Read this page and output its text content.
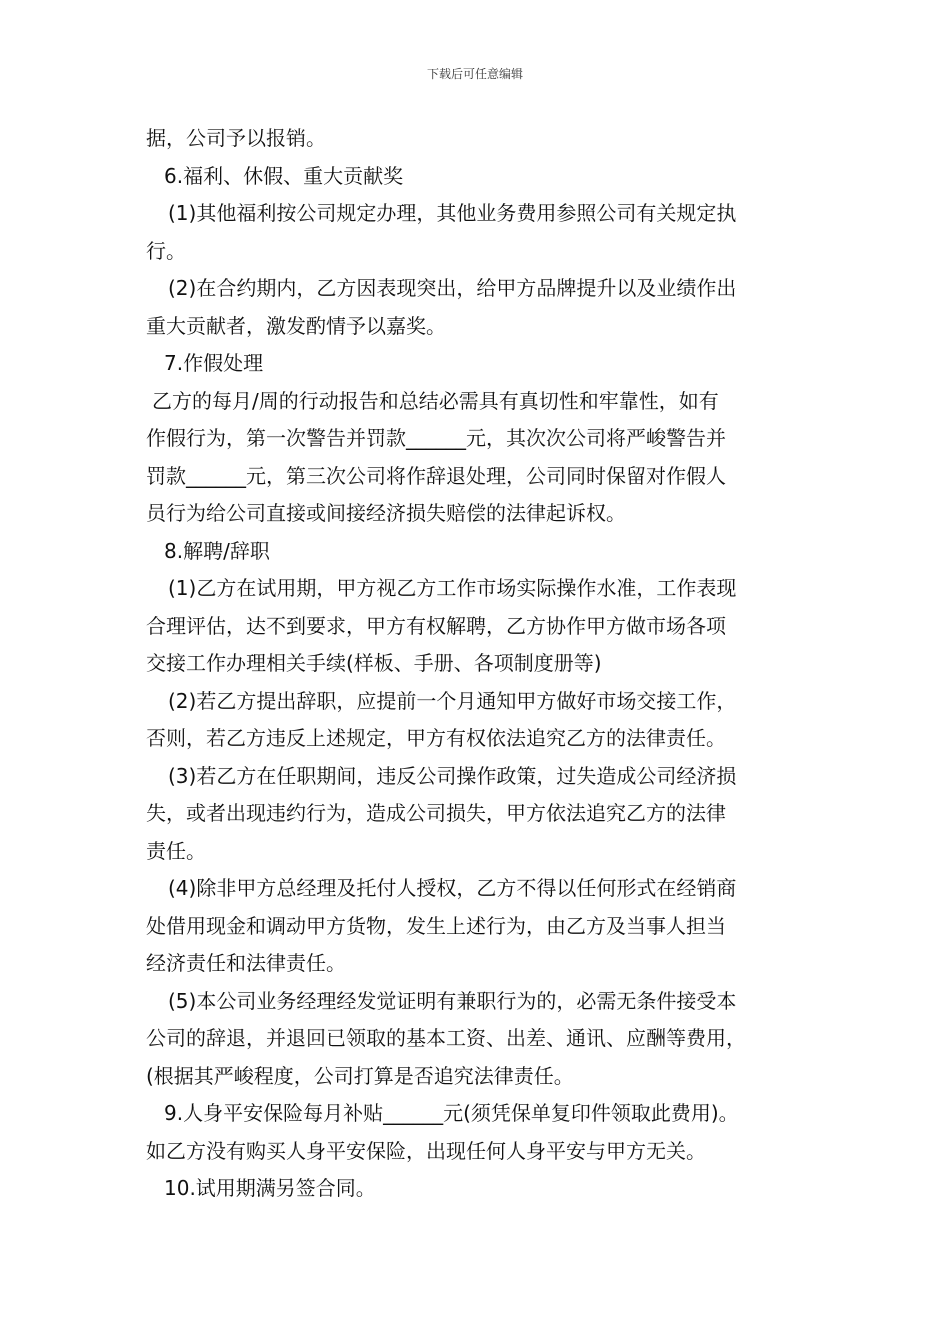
下载后可任意编辑

据，公司予以报销。

6.福利、休假、重大贡献奖

(1)其他福利按公司规定办理，其他业务费用参照公司有关规定执

行。

(2)在合约期内，乙方因表现突出，给甲方品牌提升以及业绩作出

重大贡献者，激发酌情予以嘉奖。

7.作假处理

乙方的每月/周的行动报告和总结必需具有真切性和牢靠性，如有

作假行为，第一次警告并罚款______元，其次次公司将严峻警告并

罚款______元，第三次公司将作辞退处理，公司同时保留对作假人

员行为给公司直接或间接经济损失赔偿的法律起诉权。

8.解聘/辞职

(1)乙方在试用期，甲方视乙方工作市场实际操作水准，工作表现

合理评估，达不到要求，甲方有权解聘，乙方协作甲方做市场各项

交接工作办理相关手续(样板、手册、各项制度册等)

(2)若乙方提出辞职，应提前一个月通知甲方做好市场交接工作，

否则，若乙方违反上述规定，甲方有权依法追究乙方的法律责任。

(3)若乙方在任职期间，违反公司操作政策，过失造成公司经济损

失，或者出现违约行为，造成公司损失，甲方依法追究乙方的法律

责任。

(4)除非甲方总经理及托付人授权，乙方不得以任何形式在经销商

处借用现金和调动甲方货物，发生上述行为，由乙方及当事人担当

经济责任和法律责任。

(5)本公司业务经理经发觉证明有兼职行为的，必需无条件接受本

公司的辞退，并退回已领取的基本工资、出差、通讯、应酬等费用，

(根据其严峻程度，公司打算是否追究法律责任。

9.人身平安保险每月补贴______元(须凭保单复印件领取此费用)。

如乙方没有购买人身平安保险，出现任何人身平安与甲方无关。

10.试用期满另签合同。
